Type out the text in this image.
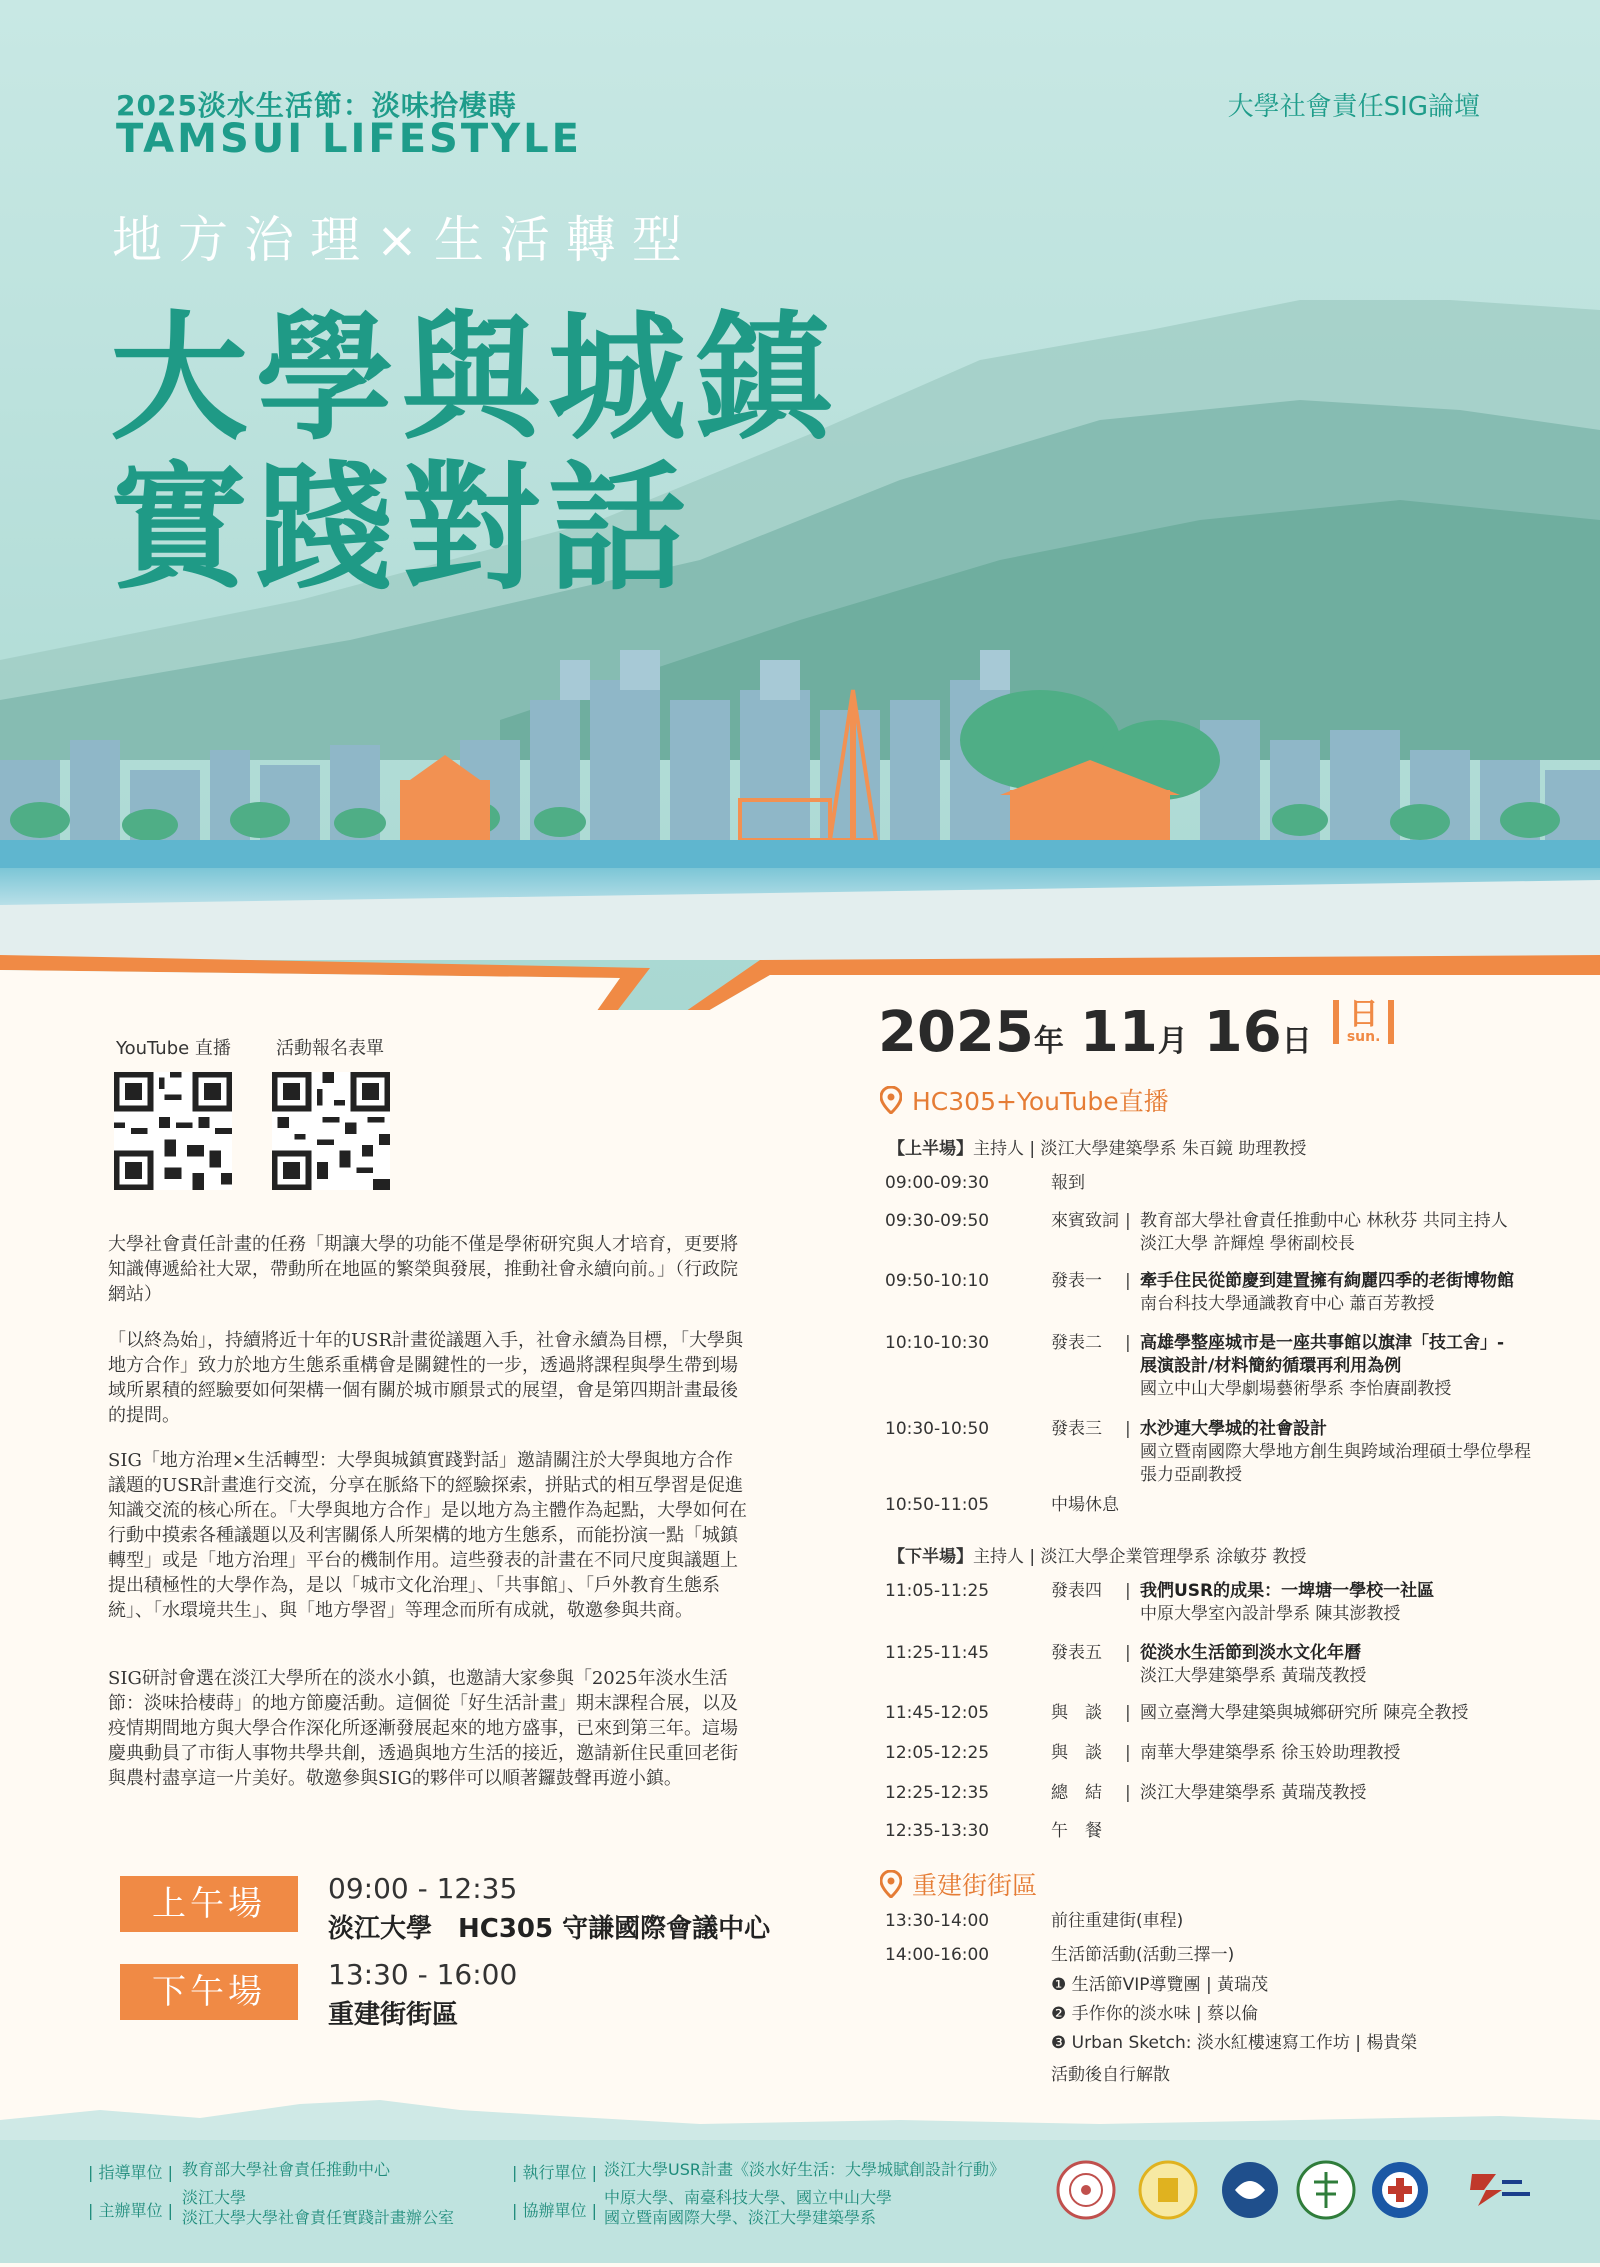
2025淡水生活節：淡味拾棲蒔
TAMSUI LIFESTYLE
大學社會責任SIG論壇
地方治理×生活轉型
大學與城鎮
實踐對話
YouTube 直播	活動報名表單

大學社會責任計畫的任務「期讓大學的功能不僅是學術研究與人才培育，更要將知識傳遞給社大眾，帶動所在地區的繁榮與發展，推動社會永續向前。」（行政院網站）

「以終為始」，持續將近十年的USR計畫從議題入手，社會永續為目標，「大學與地方合作」致力於地方生態系重構會是關鍵性的一步，透過將課程與學生帶到場域所累積的經驗要如何架構一個有關於城市願景式的展望，會是第四期計畫最後的提問。

SIG「地方治理×生活轉型：大學與城鎮實踐對話」邀請關注於大學與地方合作議題的USR計畫進行交流，分享在脈絡下的經驗探索，拼貼式的相互學習是促進知識交流的核心所在。「大學與地方合作」是以地方為主體作為起點，大學如何在行動中摸索各種議題以及利害關係人所架構的地方生態系，而能扮演一點「城鎮轉型」或是「地方治理」平台的機制作用。這些發表的計畫在不同尺度與議題上提出積極性的大學作為，是以「城市文化治理」、「共事館」、「戶外教育生態系統」、「水環境共生」、與「地方學習」等理念而所有成就，敬邀參與共商。

SIG研討會選在淡江大學所在的淡水小鎮，也邀請大家參與「2025年淡水生活節：淡味拾棲蒔」的地方節慶活動。這個從「好生活計畫」期末課程合展，以及疫情期間地方與大學合作深化所逐漸發展起來的地方盛事，已來到第三年。這場慶典動員了市街人事物共學共創，透過與地方生活的接近，邀請新住民重回老街與農村盡享這一片美好。敬邀參與SIG的夥伴可以順著鑼鼓聲再遊小鎮。

上午場	09:00 - 12:35
淡江大學　HC305 守謙國際會議中心
下午場	13:30 - 16:00
重建街街區
2025年 11月 16日
日
sun.
HC305+YouTube直播
【上半場】主持人 | 淡江大學建築學系 朱百鏡 助理教授
09:00-09:30	報到
09:30-09:50	來賓致詞 | 教育部大學社會責任推動中心 林秋芬 共同主持人
淡江大學 許輝煌 學術副校長
09:50-10:10	發表一	| 牽手住民從節慶到建置擁有絢麗四季的老街博物館
南台科技大學通識教育中心 蕭百芳教授
10:10-10:30	發表二	| 高雄學整座城市是一座共事館以旗津「技工舍」-
展演設計/材料簡約循環再利用為例
國立中山大學劇場藝術學系 李怡賡副教授
10:30-10:50	發表三	| 水沙連大學城的社會設計
國立暨南國際大學地方創生與跨域治理碩士學位學程
張力亞副教授
10:50-11:05	中場休息
【下半場】主持人 | 淡江大學企業管理學系 涂敏芬 教授
11:05-11:25	發表四	| 我們USR的成果：一埤塘一學校一社區
中原大學室內設計學系 陳其澎教授
11:25-11:45	發表五	| 從淡水生活節到淡水文化年曆
淡江大學建築學系 黃瑞茂教授
11:45-12:05	與　談	| 國立臺灣大學建築與城鄉研究所 陳亮全教授
12:05-12:25	與　談	| 南華大學建築學系 徐玉姈助理教授
12:25-12:35	總　結	| 淡江大學建築學系 黃瑞茂教授
12:35-13:30	午　餐
重建街街區
13:30-14:00	前往重建街(車程)
14:00-16:00	生活節活動(活動三擇一)
❶ 生活節VIP導覽團 | 黃瑞茂
❷ 手作你的淡水味 | 蔡以倫
❸ Urban Sketch: 淡水紅樓速寫工作坊 | 楊貴榮
活動後自行解散
| 指導單位 | 教育部大學社會責任推動中心
| 主辦單位 |
淡江大學
淡江大學大學社會責任實踐計畫辦公室
| 執行單位 | 淡江大學USR計畫《淡水好生活：大學城賦創設計行動》
| 協辦單位 |
中原大學、南臺科技大學、國立中山大學
國立暨南國際大學、淡江大學建築學系
